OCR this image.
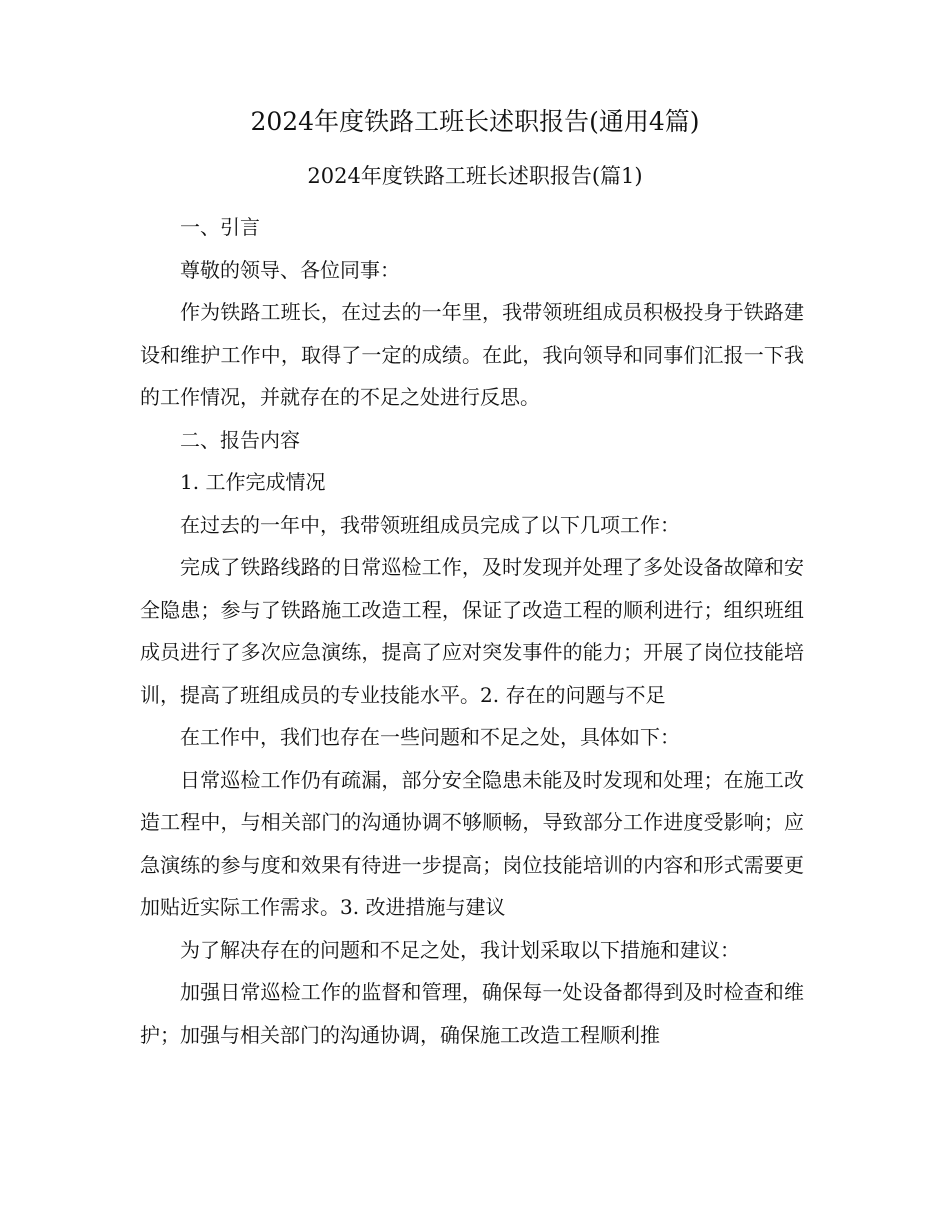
2024年度铁路工班长述职报告(通用4篇)
2024年度铁路工班长述职报告(篇1)

一、引言

尊敬的领导、各位同事：

作为铁路工班长，在过去的一年里，我带领班组成员积极投身于铁路建设和维护工作中，取得了一定的成绩。在此，我向领导和同事们汇报一下我的工作情况，并就存在的不足之处进行反思。

二、报告内容

1. 工作完成情况

在过去的一年中，我带领班组成员完成了以下几项工作：

完成了铁路线路的日常巡检工作，及时发现并处理了多处设备故障和安全隐患；参与了铁路施工改造工程，保证了改造工程的顺利进行；组织班组成员进行了多次应急演练，提高了应对突发事件的能力；开展了岗位技能培训，提高了班组成员的专业技能水平。2. 存在的问题与不足

在工作中，我们也存在一些问题和不足之处，具体如下：

日常巡检工作仍有疏漏，部分安全隐患未能及时发现和处理；在施工改造工程中，与相关部门的沟通协调不够顺畅，导致部分工作进度受影响；应急演练的参与度和效果有待进一步提高；岗位技能培训的内容和形式需要更加贴近实际工作需求。3. 改进措施与建议

为了解决存在的问题和不足之处，我计划采取以下措施和建议：

加强日常巡检工作的监督和管理，确保每一处设备都得到及时检查和维护；加强与相关部门的沟通协调，确保施工改造工程顺利推
